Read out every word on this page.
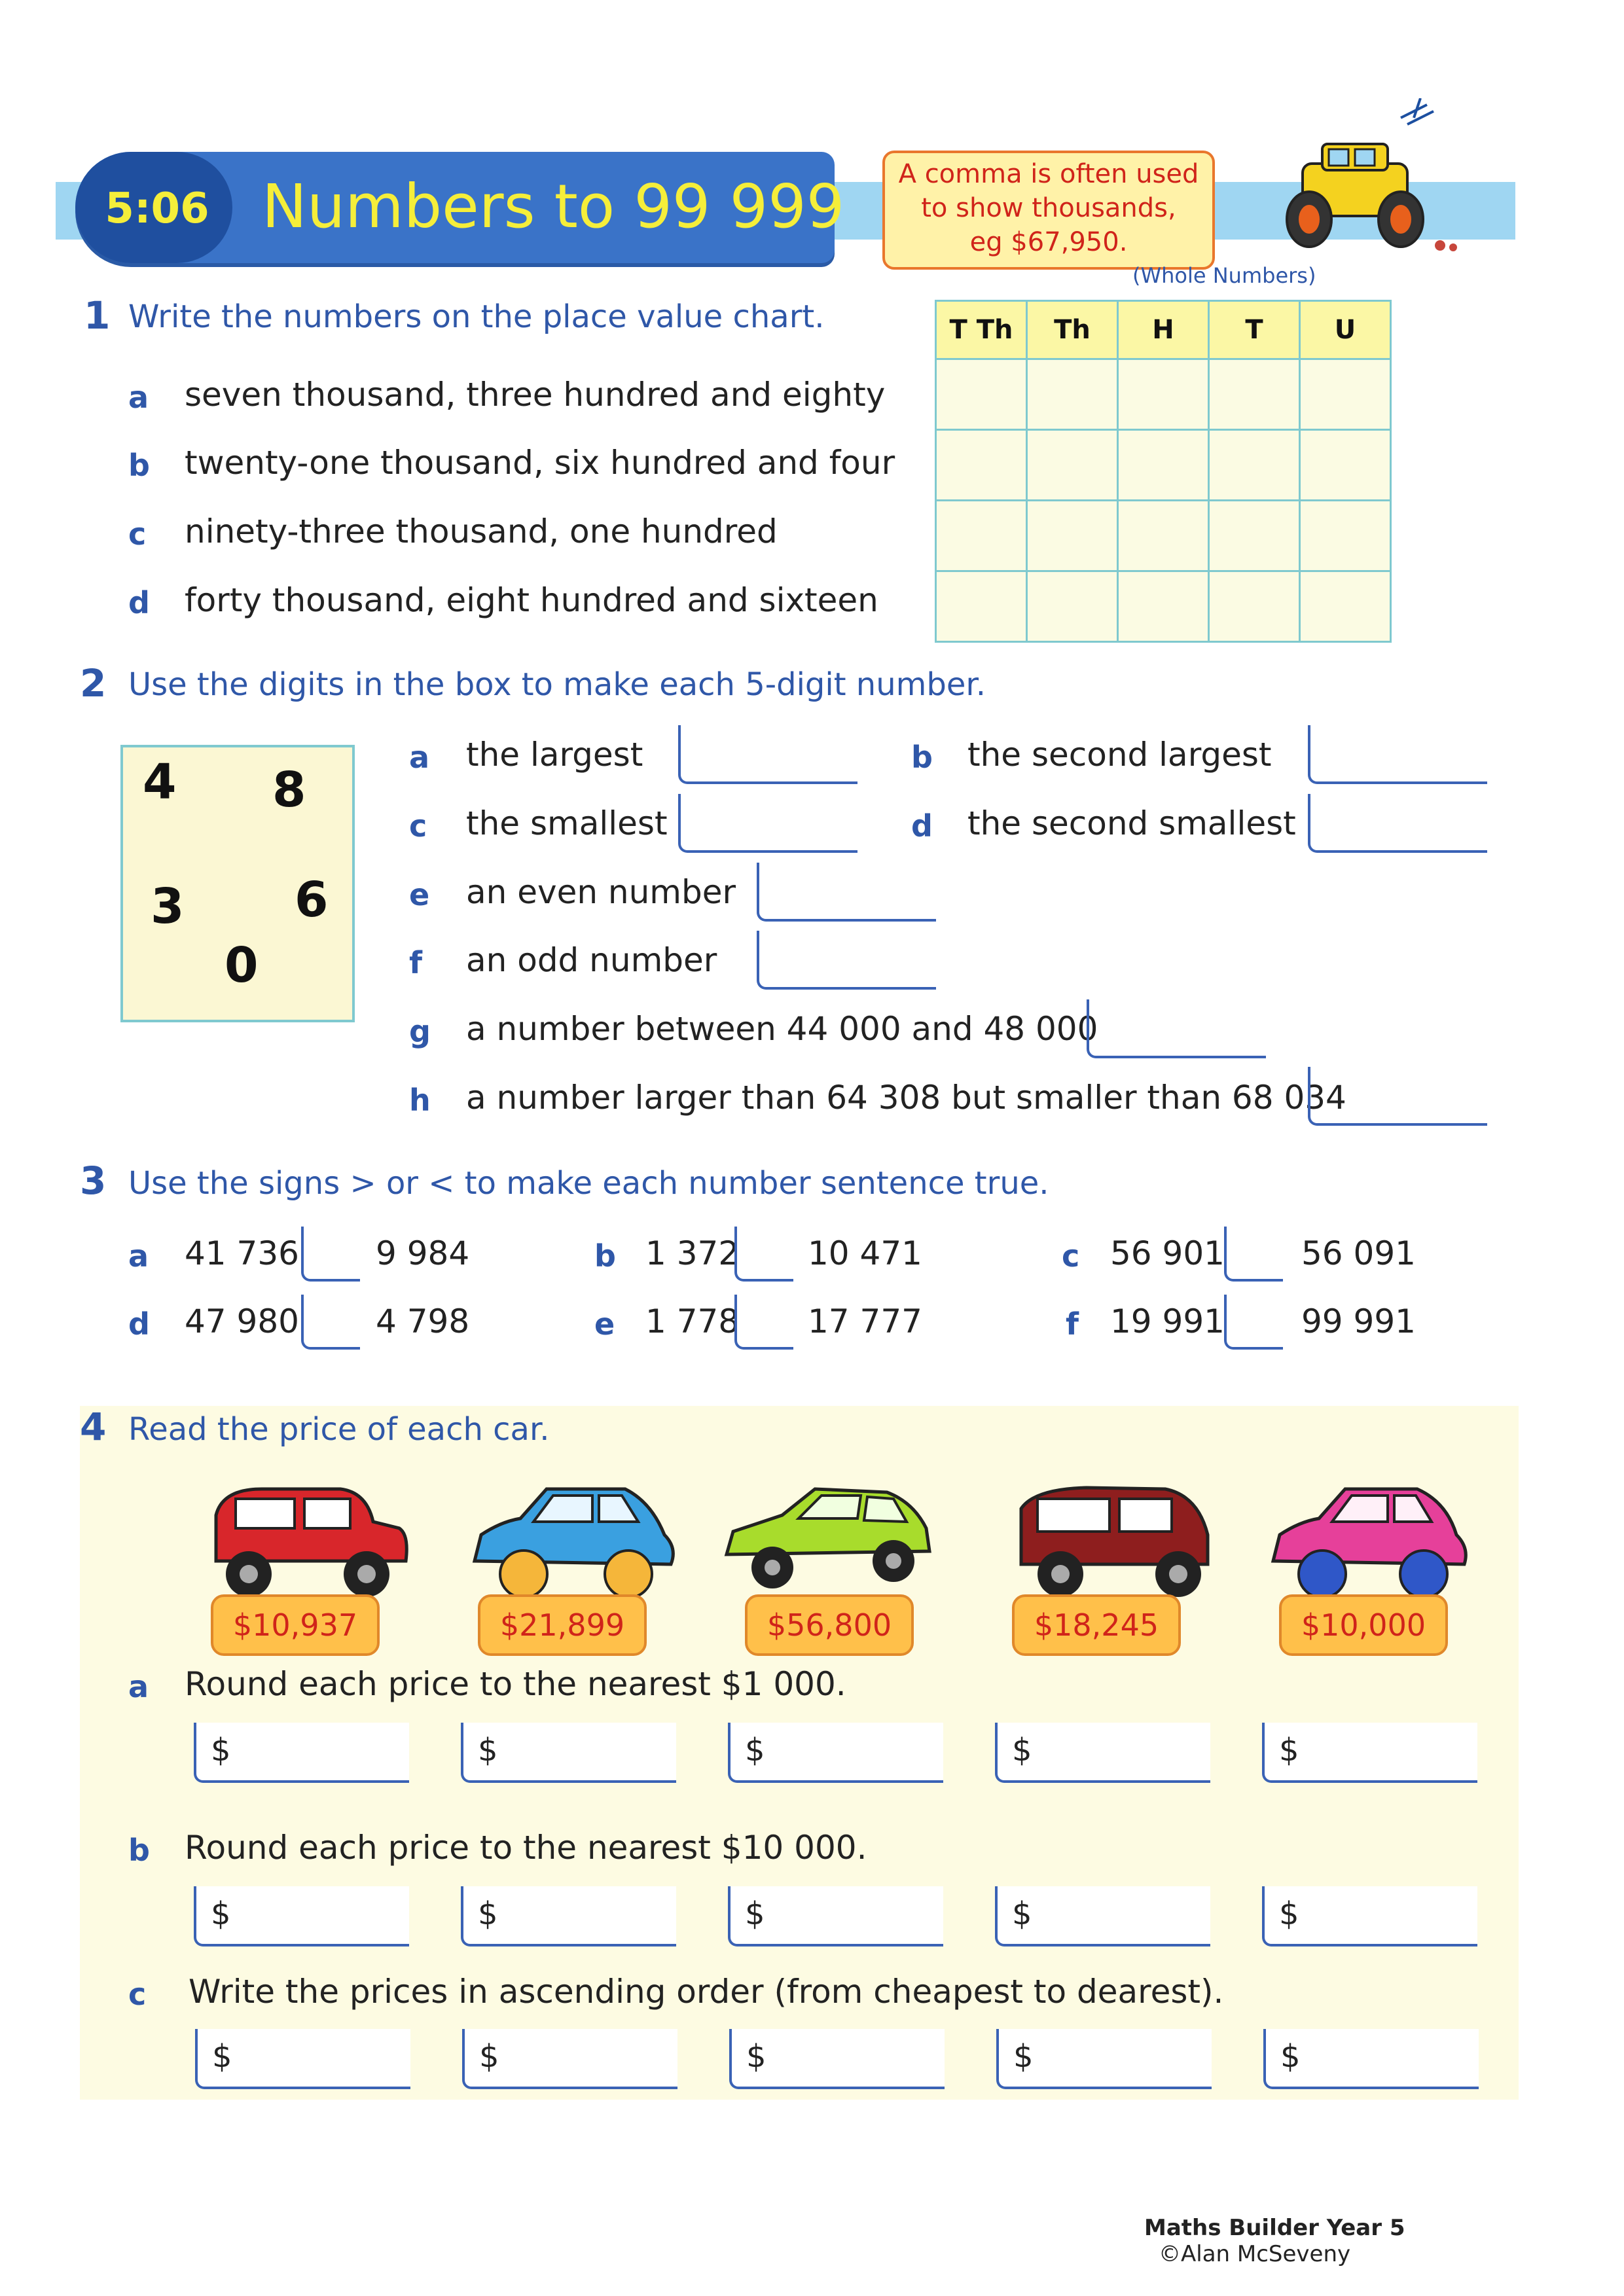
5:06 Numbers to 99 999	A comma is often used
to show thousands,
eg $67,950.
(Whole Numbers)
1 Write the numbers on the place value chart.
a seven thousand, three hundred and eighty
b twenty-one thousand, six hundred and four
c ninety-three thousand, one hundred
d forty thousand, eight hundred and sixteen
T Th	Th	H	T	U

2 Use the digits in the box to make each 5-digit number.
4 8
3 6
0
a the largest	b the second largest
c the smallest	d the second smallest
e an even number
f an odd number
g a number between 44 000 and 48 000
h a number larger than 64 308 but smaller than 68 034
3 Use the signs > or < to make each number sentence true.
a 41 736 9 984	b 1 372 10 471	c 56 901 56 091
d 47 980 4 798	e 1 778 17 777	f 19 991 99 991
4 Read the price of each car.
$10,937	$21,899	$56,800	$18,245	$10,000
a Round each price to the nearest $1 000.
$	$	$	$	$
b Round each price to the nearest $10 000.
$	$	$	$	$
c Write the prices in ascending order (from cheapest to dearest).
$	$	$	$	$
Maths Builder Year 5
©Alan McSeveny
